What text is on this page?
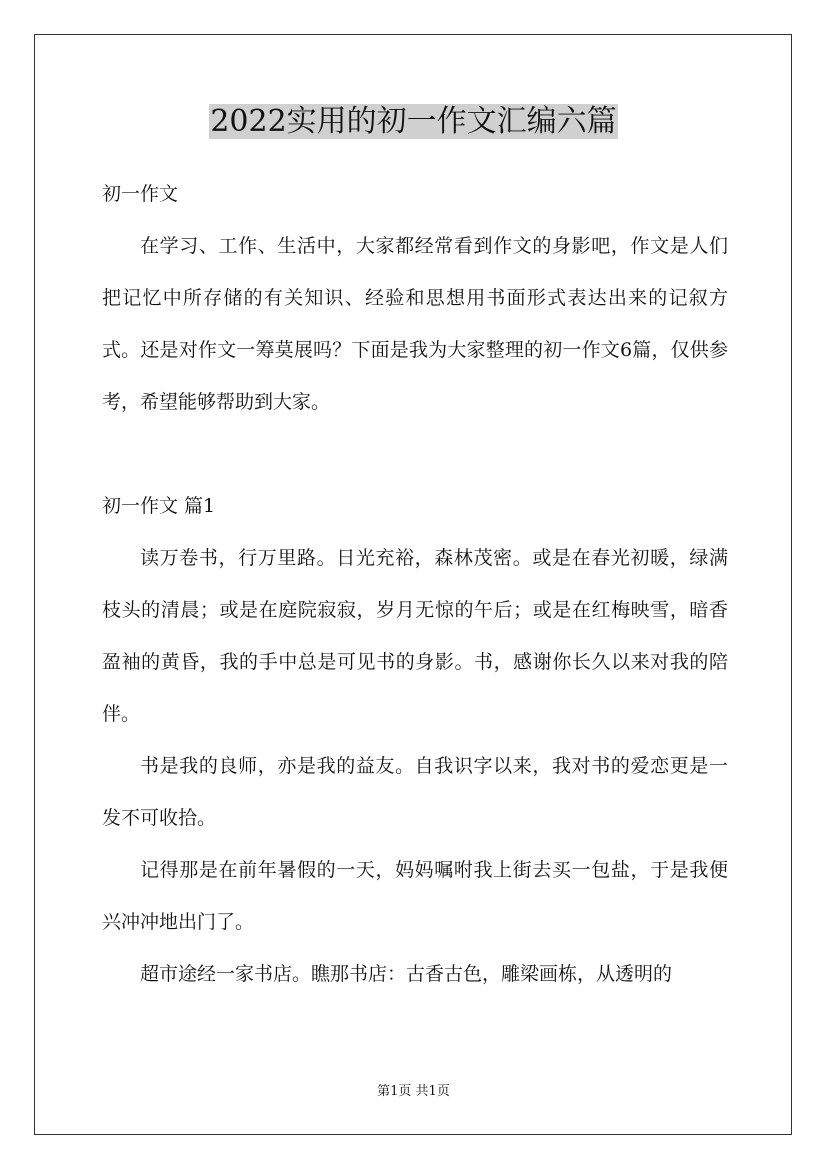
2022实用的初一作文汇编六篇

初一作文

在学习、工作、生活中，大家都经常看到作文的身影吧，作文是人们把记忆中所存储的有关知识、经验和思想用书面形式表达出来的记叙方式。还是对作文一筹莫展吗？下面是我为大家整理的初一作文6篇，仅供参考，希望能够帮助到大家。

初一作文 篇1

读万卷书，行万里路。日光充裕，森林茂密。或是在春光初暖，绿满枝头的清晨；或是在庭院寂寂，岁月无惊的午后；或是在红梅映雪，暗香盈袖的黄昏，我的手中总是可见书的身影。书，感谢你长久以来对我的陪伴。

书是我的良师，亦是我的益友。自我识字以来，我对书的爱恋更是一发不可收拾。

记得那是在前年暑假的一天，妈妈嘱咐我上街去买一包盐，于是我便兴冲冲地出门了。

超市途经一家书店。瞧那书店：古香古色，雕梁画栋，从透明的

第1页 共1页
